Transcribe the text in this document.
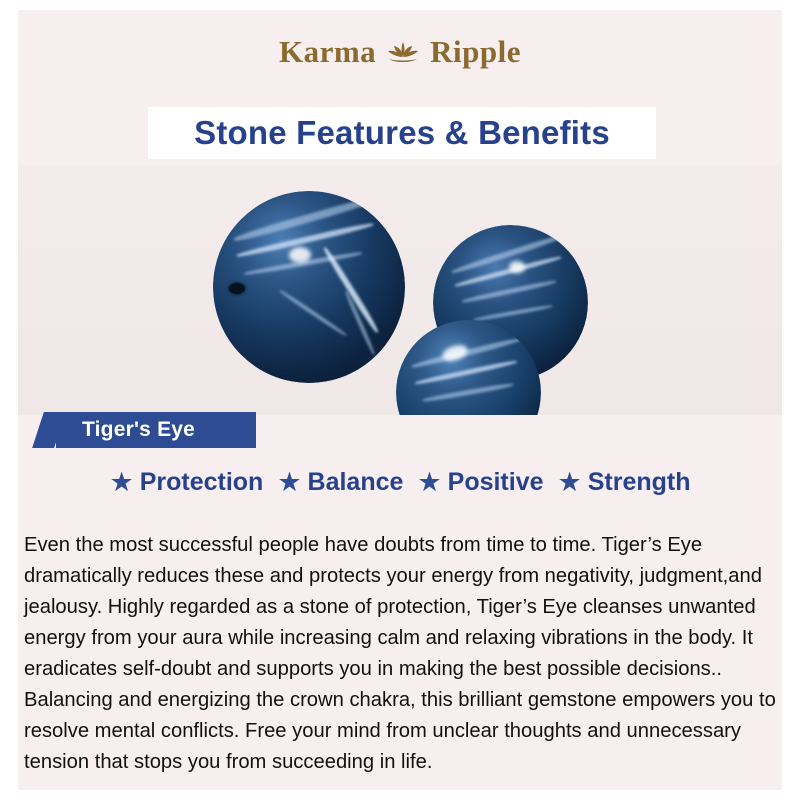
Karma Ripple
Stone Features & Benefits
Tiger's Eye
★ Protection ★ Balance ★ Positive ★ Strength

Even the most successful people have doubts from time to time. Tiger’s Eye dramatically reduces these and protects your energy from negativity, judgment,and jealousy. Highly regarded as a stone of protection, Tiger’s Eye cleanses unwanted energy from your aura while increasing calm and relaxing vibrations in the body. It eradicates self-doubt and supports you in making the best possible decisions.. Balancing and energizing the crown chakra, this brilliant gemstone empowers you to resolve mental conflicts. Free your mind from unclear thoughts and unnecessary tension that stops you from succeeding in life.
